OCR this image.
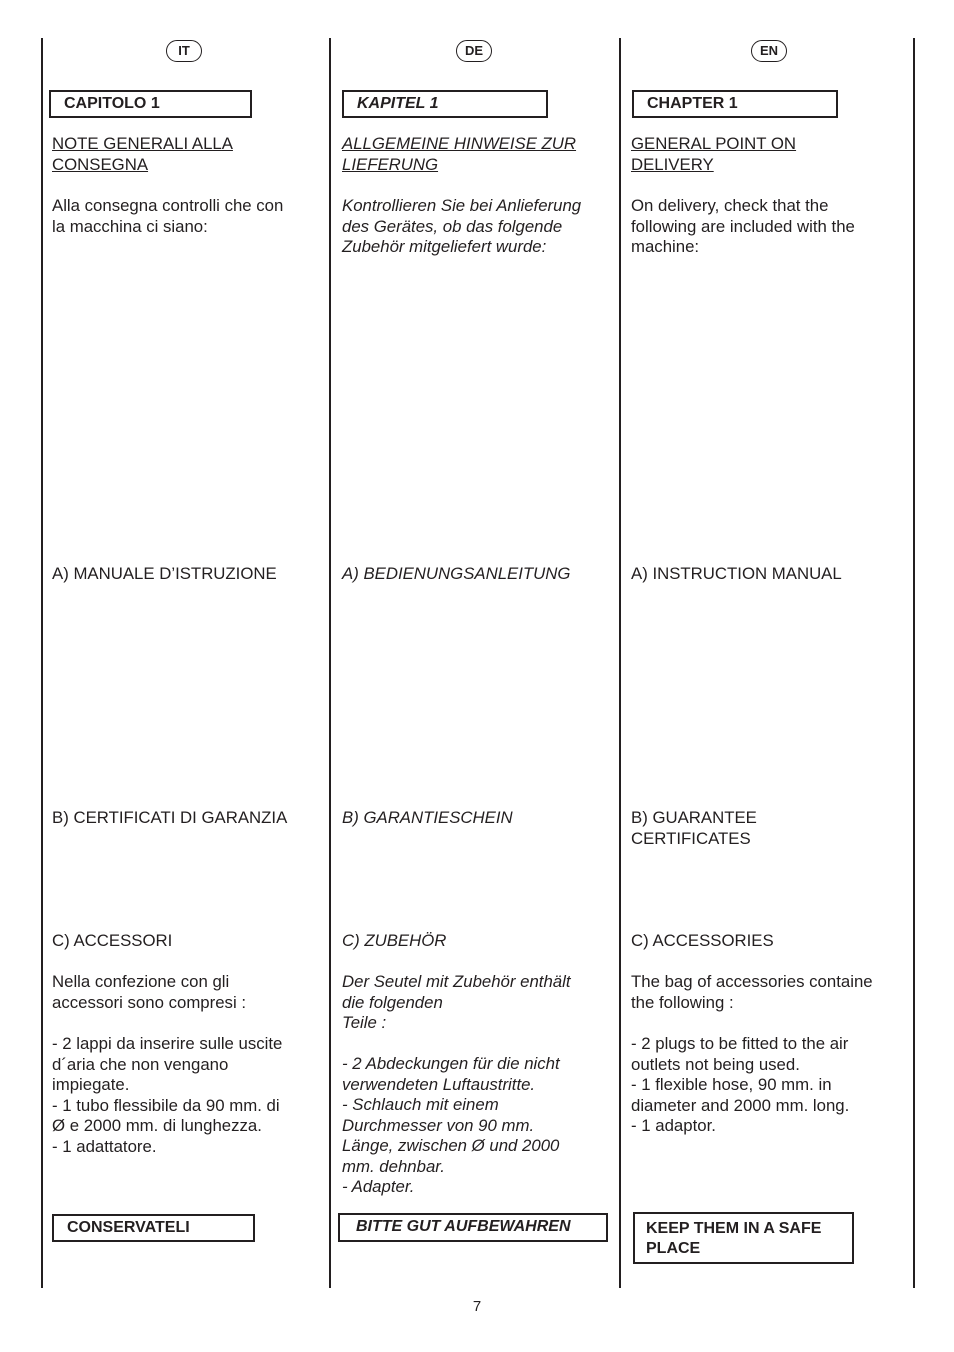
IT
CAPITOLO 1

NOTE GENERALI ALLA
CONSEGNA

Alla consegna controlli che con
la macchina ci siano:

A) MANUALE D’ISTRUZIONE

B) CERTIFICATI DI GARANZIA

C) ACCESSORI

Nella confezione con gli
accessori sono compresi :

- 2 lappi da inserire sulle uscite
d´aria che non vengano
impiegate.
- 1 tubo flessibile da 90 mm. di
Ø e 2000 mm. di lunghezza.
- 1 adattatore.

CONSERVATELI
DE
KAPITEL 1

ALLGEMEINE HINWEISE ZUR
LIEFERUNG

Kontrollieren Sie bei Anlieferung
des Gerätes, ob das folgende
Zubehör mitgeliefert wurde:

A) BEDIENUNGSANLEITUNG

B) GARANTIESCHEIN

C) ZUBEHÖR

Der Seutel mit Zubehör enthält
die folgenden
Teile :

- 2 Abdeckungen für die nicht
verwendeten Luftaustritte.
- Schlauch mit einem
Durchmesser von 90 mm.
Länge, zwischen Ø und 2000
mm. dehnbar.
- Adapter.

BITTE GUT AUFBEWAHREN
EN
CHAPTER 1

GENERAL POINT ON
DELIVERY

On delivery, check that the
following are included with the
machine:

A) INSTRUCTION MANUAL

B) GUARANTEE
CERTIFICATES

C) ACCESSORIES

The bag of accessories containe
the following :

- 2 plugs to be fitted to the air
outlets not being used.
- 1 flexible hose, 90 mm. in
diameter and 2000 mm. long.
- 1 adaptor.

KEEP THEM IN A SAFE
PLACE
7
